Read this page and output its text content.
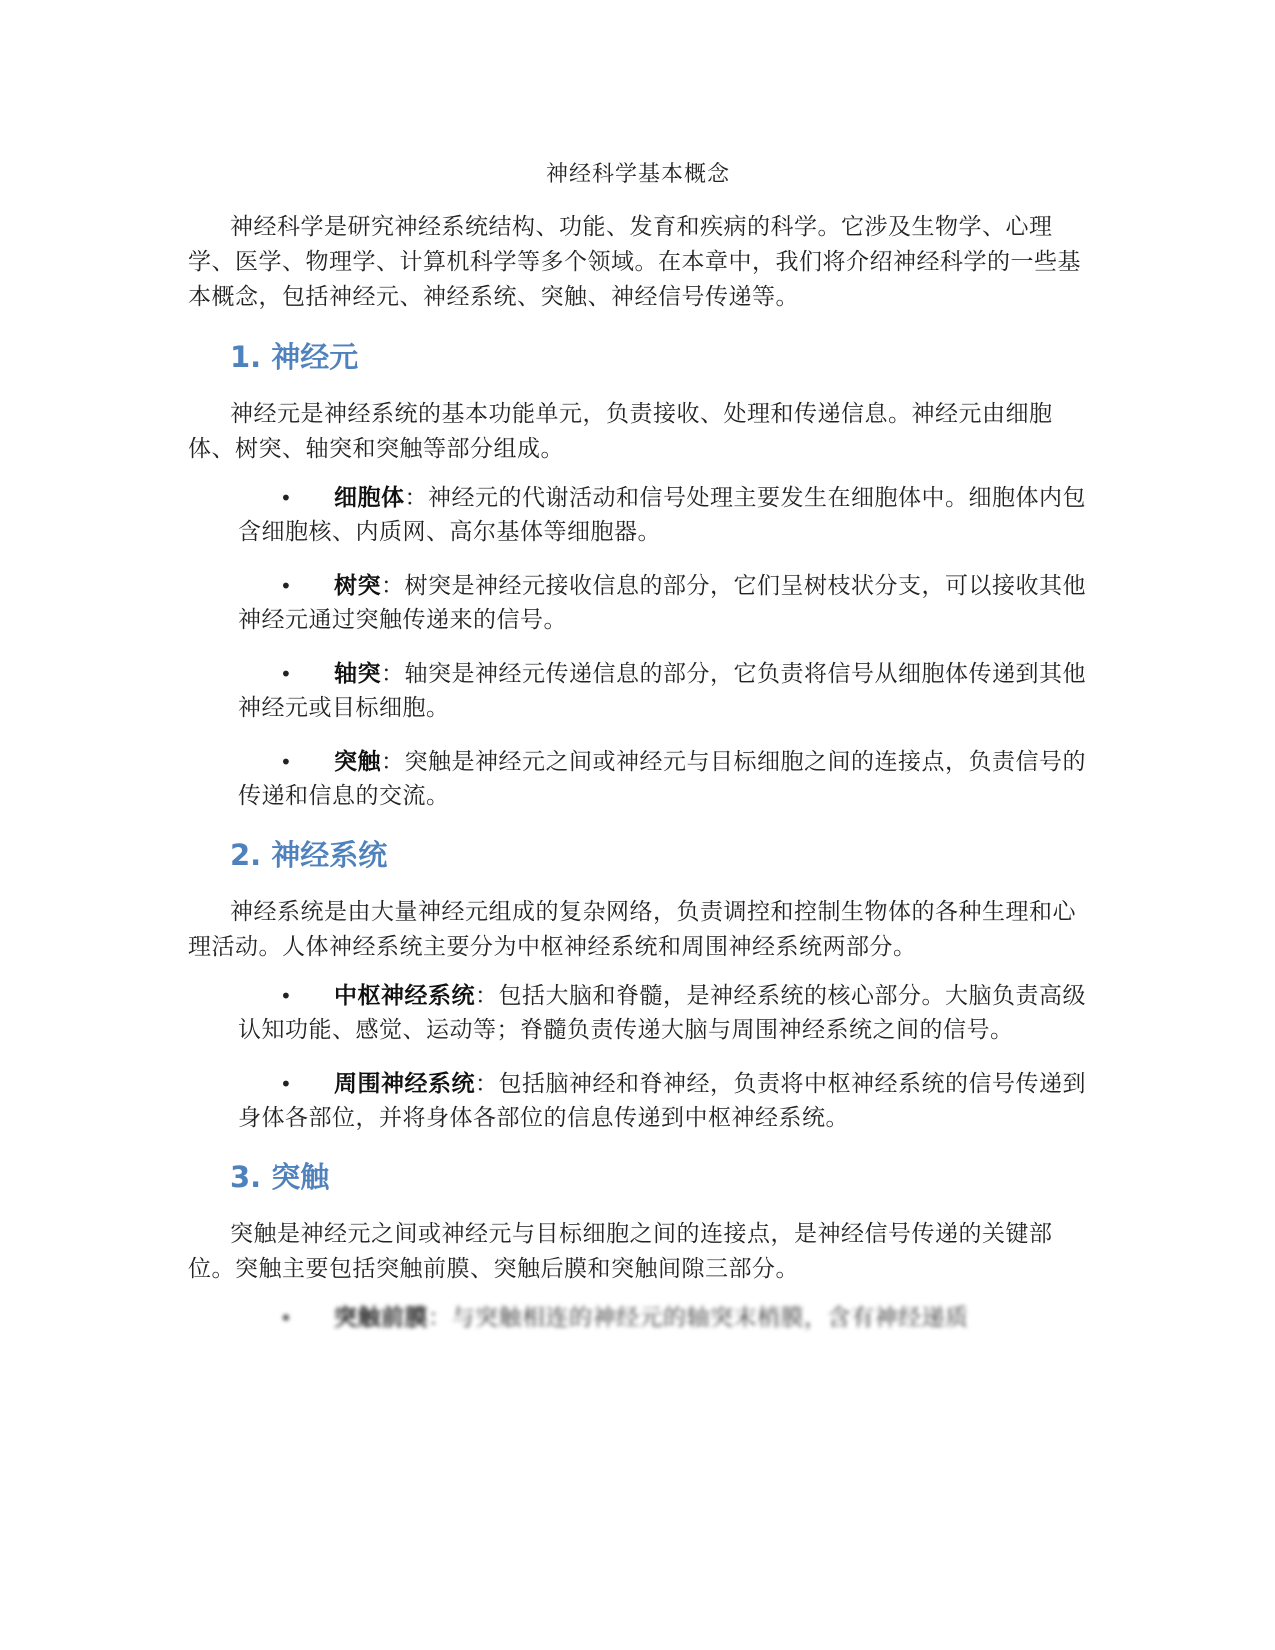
神经科学基本概念

神经科学是研究神经系统结构、功能、发育和疾病的科学。它涉及生物学、心理学、医学、物理学、计算机科学等多个领域。在本章中，我们将介绍神经科学的一些基本概念，包括神经元、神经系统、突触、神经信号传递等。

1. 神经元

神经元是神经系统的基本功能单元，负责接收、处理和传递信息。神经元由细胞体、树突、轴突和突触等部分组成。

• 细胞体：神经元的代谢活动和信号处理主要发生在细胞体中。细胞体内包含细胞核、内质网、高尔基体等细胞器。
• 树突：树突是神经元接收信息的部分，它们呈树枝状分支，可以接收其他神经元通过突触传递来的信号。
• 轴突：轴突是神经元传递信息的部分，它负责将信号从细胞体传递到其他神经元或目标细胞。
• 突触：突触是神经元之间或神经元与目标细胞之间的连接点，负责信号的传递和信息的交流。
2. 神经系统

神经系统是由大量神经元组成的复杂网络，负责调控和控制生物体的各种生理和心理活动。人体神经系统主要分为中枢神经系统和周围神经系统两部分。

• 中枢神经系统：包括大脑和脊髓，是神经系统的核心部分。大脑负责高级认知功能、感觉、运动等；脊髓负责传递大脑与周围神经系统之间的信号。
• 周围神经系统：包括脑神经和脊神经，负责将中枢神经系统的信号传递到身体各部位，并将身体各部位的信息传递到中枢神经系统。
3. 突触

突触是神经元之间或神经元与目标细胞之间的连接点，是神经信号传递的关键部位。突触主要包括突触前膜、突触后膜和突触间隙三部分。

• 突触前膜：与突触相连的神经元的轴突末梢膜，含有神经递质
